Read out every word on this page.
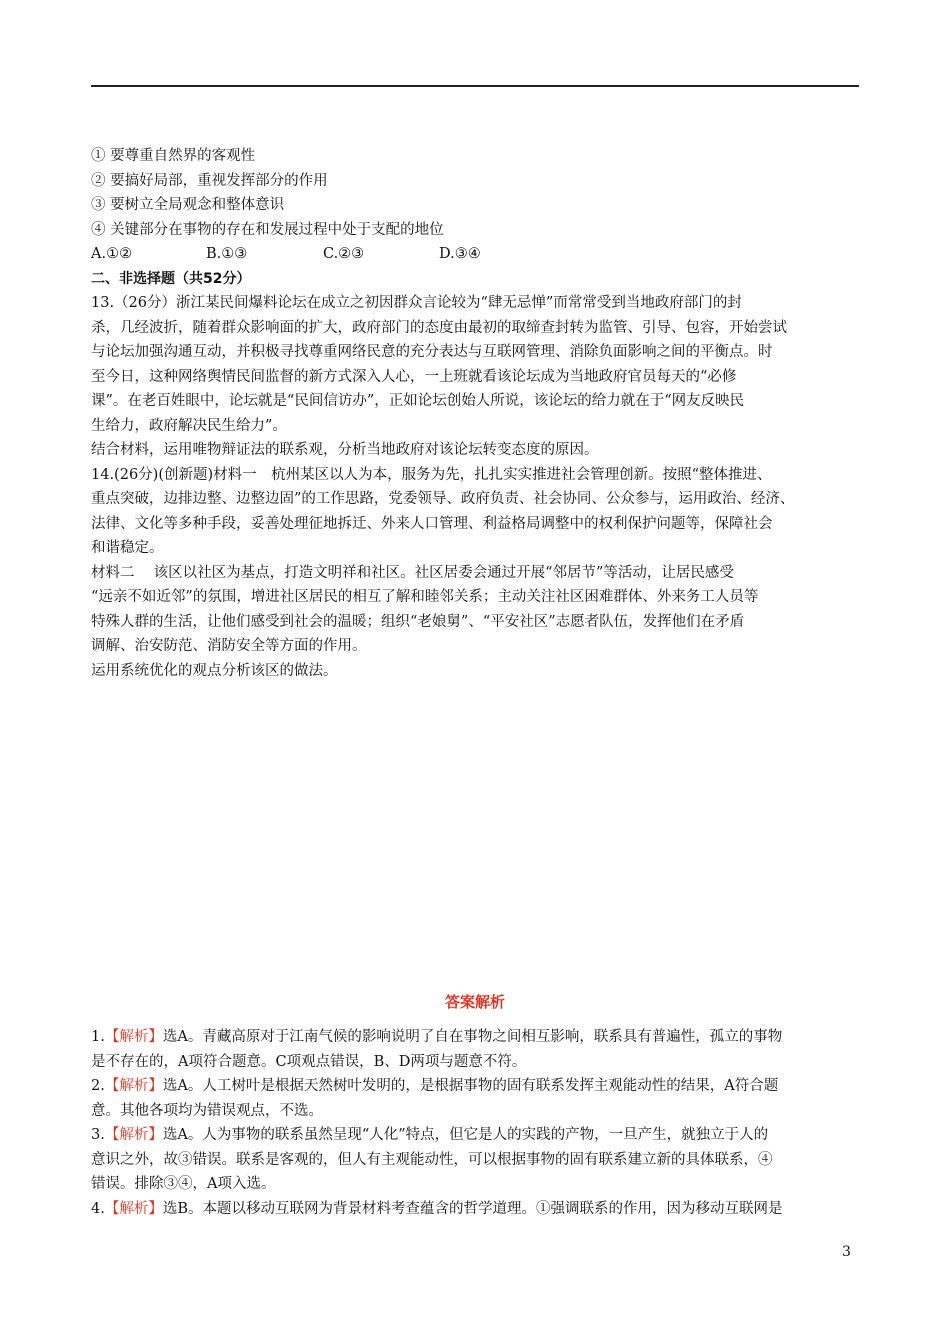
① 要尊重自然界的客观性
② 要搞好局部，重视发挥部分的作用
③ 要树立全局观念和整体意识
④ 关键部分在事物的存在和发展过程中处于支配的地位
A.①②	B.①③	C.②③	D.③④
二、非选择题（共52分）
13.（26分）浙江某民间爆料论坛在成立之初因群众言论较为“肆无忌惮”而常常受到当地政府部门的封
杀，几经波折，随着群众影响面的扩大，政府部门的态度由最初的取缔查封转为监管、引导、包容，开始尝试
与论坛加强沟通互动，并积极寻找尊重网络民意的充分表达与互联网管理、消除负面影响之间的平衡点。时
至今日，这种网络舆情民间监督的新方式深入人心，一上班就看该论坛成为当地政府官员每天的“必修
课”。在老百姓眼中，论坛就是“民间信访办”，正如论坛创始人所说，该论坛的给力就在于“网友反映民
生给力，政府解决民生给力”。
结合材料，运用唯物辩证法的联系观，分析当地政府对该论坛转变态度的原因。
14.(26分)(创新题)材料一　杭州某区以人为本，服务为先，扎扎实实推进社会管理创新。按照“整体推进、
重点突破，边排边整、边整边固”的工作思路，党委领导、政府负责、社会协同、公众参与，运用政治、经济、
法律、文化等多种手段，妥善处理征地拆迁、外来人口管理、利益格局调整中的权利保护问题等，保障社会
和谐稳定。
材料二　 该区以社区为基点，打造文明祥和社区。社区居委会通过开展“邻居节”等活动，让居民感受
“远亲不如近邻”的氛围，增进社区居民的相互了解和睦邻关系；主动关注社区困难群体、外来务工人员等
特殊人群的生活，让他们感受到社会的温暖；组织“老娘舅”、“平安社区”志愿者队伍，发挥他们在矛盾
调解、治安防范、消防安全等方面的作用。
运用系统优化的观点分析该区的做法。
答案解析
1.【解析】选A。青藏高原对于江南气候的影响说明了自在事物之间相互影响，联系具有普遍性，孤立的事物
是不存在的，A项符合题意。C项观点错误，B、D两项与题意不符。
2.【解析】选A。人工树叶是根据天然树叶发明的，是根据事物的固有联系发挥主观能动性的结果，A符合题
意。其他各项均为错误观点，不选。
3.【解析】选A。人为事物的联系虽然呈现“人化”特点，但它是人的实践的产物，一旦产生，就独立于人的
意识之外，故③错误。联系是客观的，但人有主观能动性，可以根据事物的固有联系建立新的具体联系，④
错误。排除③④，A项入选。
4.【解析】选B。本题以移动互联网为背景材料考查蕴含的哲学道理。①强调联系的作用，因为移动互联网是
3
